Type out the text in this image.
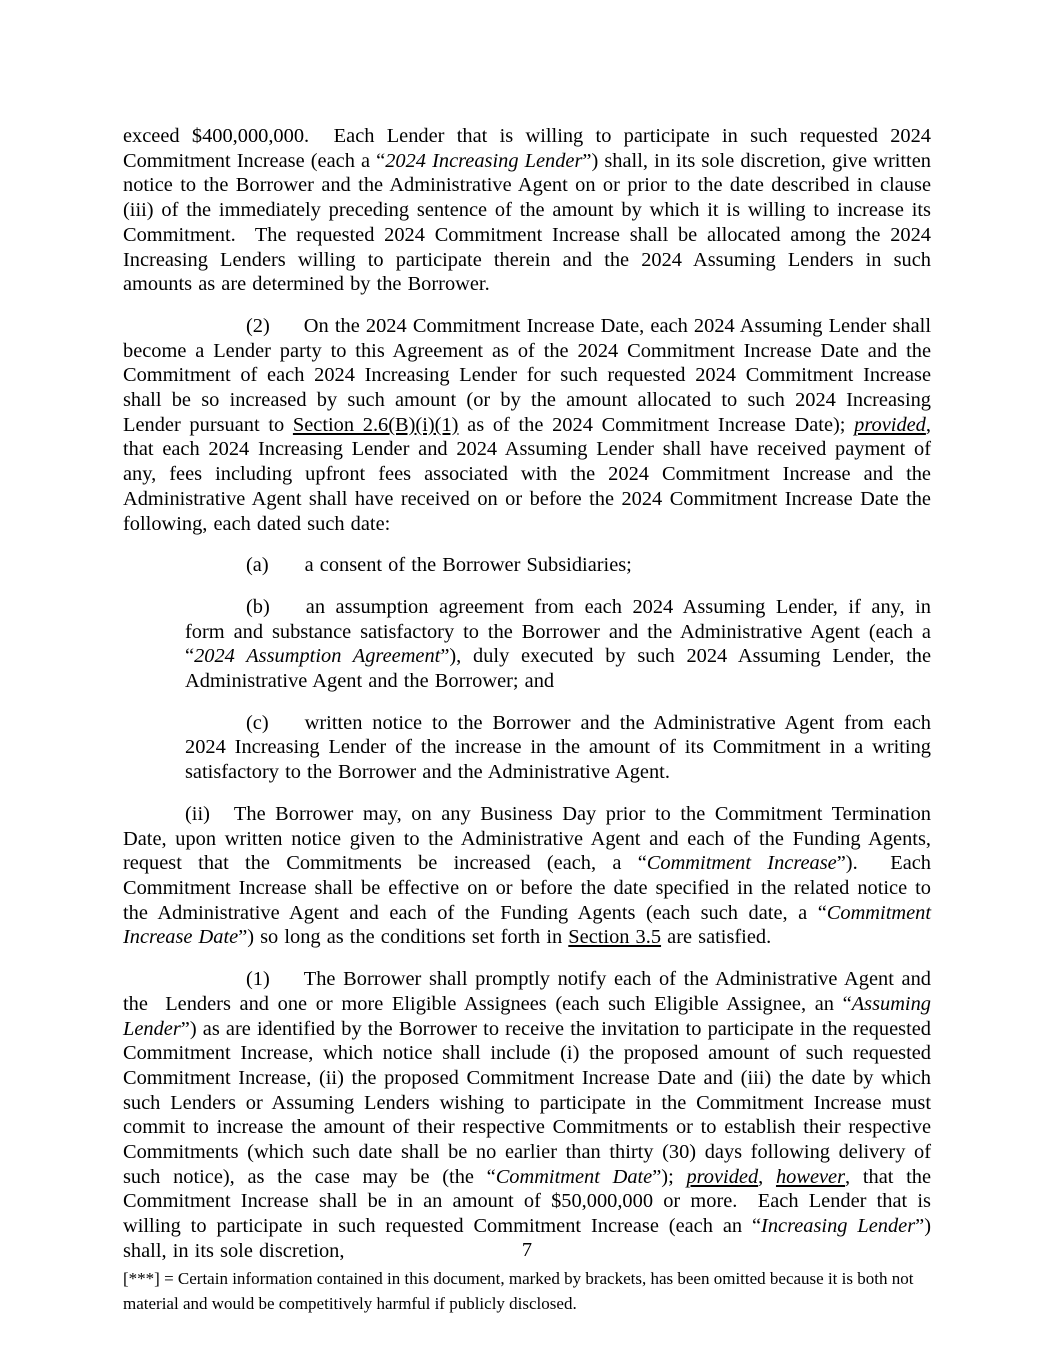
exceed $400,000,000.  Each Lender that is willing to participate in such requested 2024 Commitment Increase (each a “2024 Increasing Lender”) shall, in its sole discretion, give written notice to the Borrower and the Administrative Agent on or prior to the date described in clause (iii) of the immediately preceding sentence of the amount by which it is willing to increase its Commitment.  The requested 2024 Commitment Increase shall be allocated among the 2024 Increasing Lenders willing to participate therein and the 2024 Assuming Lenders in such amounts as are determined by the Borrower.

(2) On the 2024 Commitment Increase Date, each 2024 Assuming Lender shall become a Lender party to this Agreement as of the 2024 Commitment Increase Date and the Commitment of each 2024 Increasing Lender for such requested 2024 Commitment Increase shall be so increased by such amount (or by the amount allocated to such 2024 Increasing Lender pursuant to Section 2.6(B)(i)(1) as of the 2024 Commitment Increase Date); provided, that each 2024 Increasing Lender and 2024 Assuming Lender shall have received payment of any, fees including upfront fees associated with the 2024 Commitment Increase and the Administrative Agent shall have received on or before the 2024 Commitment Increase Date the following, each dated such date:

(a) a consent of the Borrower Subsidiaries;

(b) an assumption agreement from each 2024 Assuming Lender, if any, in form and substance satisfactory to the Borrower and the Administrative Agent (each a “2024 Assumption Agreement”), duly executed by such 2024 Assuming Lender, the Administrative Agent and the Borrower; and

(c) written notice to the Borrower and the Administrative Agent from each 2024 Increasing Lender of the increase in the amount of its Commitment in a writing satisfactory to the Borrower and the Administrative Agent.

(ii) The Borrower may, on any Business Day prior to the Commitment Termination Date, upon written notice given to the Administrative Agent and each of the Funding Agents, request that the Commitments be increased (each, a “Commitment Increase”).  Each Commitment Increase shall be effective on or before the date specified in the related notice to the Administrative Agent and each of the Funding Agents (each such date, a “Commitment Increase Date”) so long as the conditions set forth in Section 3.5 are satisfied.

(1) The Borrower shall promptly notify each of the Administrative Agent and the  Lenders and one or more Eligible Assignees (each such Eligible Assignee, an “Assuming Lender”) as are identified by the Borrower to receive the invitation to participate in the requested Commitment Increase, which notice shall include (i) the proposed amount of such requested Commitment Increase, (ii) the proposed Commitment Increase Date and (iii) the date by which such Lenders or Assuming Lenders wishing to participate in the Commitment Increase must commit to increase the amount of their respective Commitments or to establish their respective Commitments (which such date shall be no earlier than thirty (30) days following delivery of such notice), as the case may be (the “Commitment Date”); provided, however, that the Commitment Increase shall be in an amount of $50,000,000 or more.  Each Lender that is willing to participate in such requested Commitment Increase (each an “Increasing Lender”) shall, in its sole discretion,	7
[***] = Certain information contained in this document, marked by brackets, has been omitted because it is both not material and would be competitively harmful if publicly disclosed.
